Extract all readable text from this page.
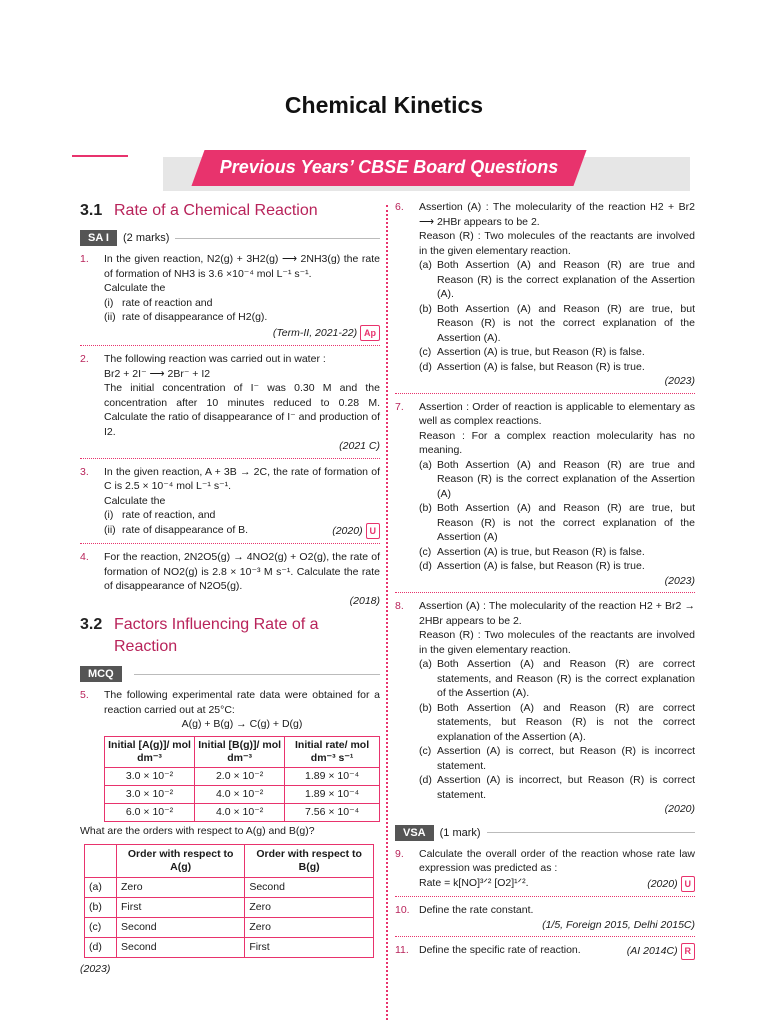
Chemical Kinetics
Previous Years’ CBSE Board Questions
3.1 Rate of a Chemical Reaction
SA I	(2 marks)
1.	In the given reaction, N2(g) + 3H2(g) ⟶ 2NH3(g) the rate of formation of NH3 is 3.6 ×10⁻⁴ mol L⁻¹ s⁻¹.
Calculate the
(i) rate of reaction and
(ii) rate of disappearance of H2(g).
(Term-II, 2021-22) Ap
2.	The following reaction was carried out in water :
Br2 + 2I⁻ ⟶ 2Br⁻ + I2
The initial concentration of I⁻ was 0.30 M and the concentration after 10 minutes reduced to 0.28 M. Calculate the ratio of disappearance of I⁻ and production of I2.
(2021 C)
3.	In the given reaction, A + 3B → 2C, the rate of formation of C is 2.5 × 10⁻⁴ mol L⁻¹ s⁻¹.
Calculate the
(i) rate of reaction, and
(ii) rate of disappearance of B.	(2020) U
4.	For the reaction, 2N2O5(g) → 4NO2(g) + O2(g), the rate of formation of NO2(g) is 2.8 × 10⁻³ M s⁻¹. Calculate the rate of disappearance of N2O5(g).
(2018)
3.2 Factors Influencing Rate of a Reaction
MCQ
5.	The following experimental rate data were obtained for a reaction carried out at 25°C:
A(g) + B(g) → C(g) + D(g)
Initial [A(g)]/ mol dm⁻³	Initial [B(g)]/ mol dm⁻³	Initial rate/ mol dm⁻³ s⁻¹
3.0 × 10⁻²	2.0 × 10⁻²	1.89 × 10⁻⁴
3.0 × 10⁻²	4.0 × 10⁻²	1.89 × 10⁻⁴
6.0 × 10⁻²	4.0 × 10⁻²	7.56 × 10⁻⁴
What are the orders with respect to A(g) and B(g)?
	Order with respect to A(g)	Order with respect to B(g)
(a)	Zero	Second
(b)	First	Zero
(c)	Second	Zero
(d)	Second	First
(2023)
6.	Assertion (A) : The molecularity of the reaction H2 + Br2 ⟶ 2HBr appears to be 2.
Reason (R) : Two molecules of the reactants are involved in the given elementary reaction.
(a) Both Assertion (A) and Reason (R) are true and Reason (R) is the correct explanation of the Assertion (A).
(b) Both Assertion (A) and Reason (R) are true, but Reason (R) is not the correct explanation of the Assertion (A).
(c) Assertion (A) is true, but Reason (R) is false.
(d) Assertion (A) is false, but Reason (R) is true.
(2023)
7.	Assertion : Order of reaction is applicable to elementary as well as complex reactions.
Reason : For a complex reaction molecularity has no meaning.
(a) Both Assertion (A) and Reason (R) are true and Reason (R) is the correct explanation of the Assertion (A)
(b) Both Assertion (A) and Reason (R) are true, but Reason (R) is not the correct explanation of the Assertion (A)
(c) Assertion (A) is true, but Reason (R) is false.
(d) Assertion (A) is false, but Reason (R) is true.
(2023)
8.	Assertion (A) : The molecularity of the reaction H2 + Br2 → 2HBr appears to be 2.
Reason (R) : Two molecules of the reactants are involved in the given elementary reaction.
(a) Both Assertion (A) and Reason (R) are correct statements, and Reason (R) is the correct explanation of the Assertion (A).
(b) Both Assertion (A) and Reason (R) are correct statements, but Reason (R) is not the correct explanation of the Assertion (A).
(c) Assertion (A) is correct, but Reason (R) is incorrect statement.
(d) Assertion (A) is incorrect, but Reason (R) is correct statement.
(2020)
VSA	(1 mark)
9.	Calculate the overall order of the reaction whose rate law expression was predicted as :
Rate = k[NO]³ᐟ² [O2]¹ᐟ².	(2020) U
10. Define the rate constant.
(1/5, Foreign 2015, Delhi 2015C)
11. Define the specific rate of reaction.	(AI 2014C) R
